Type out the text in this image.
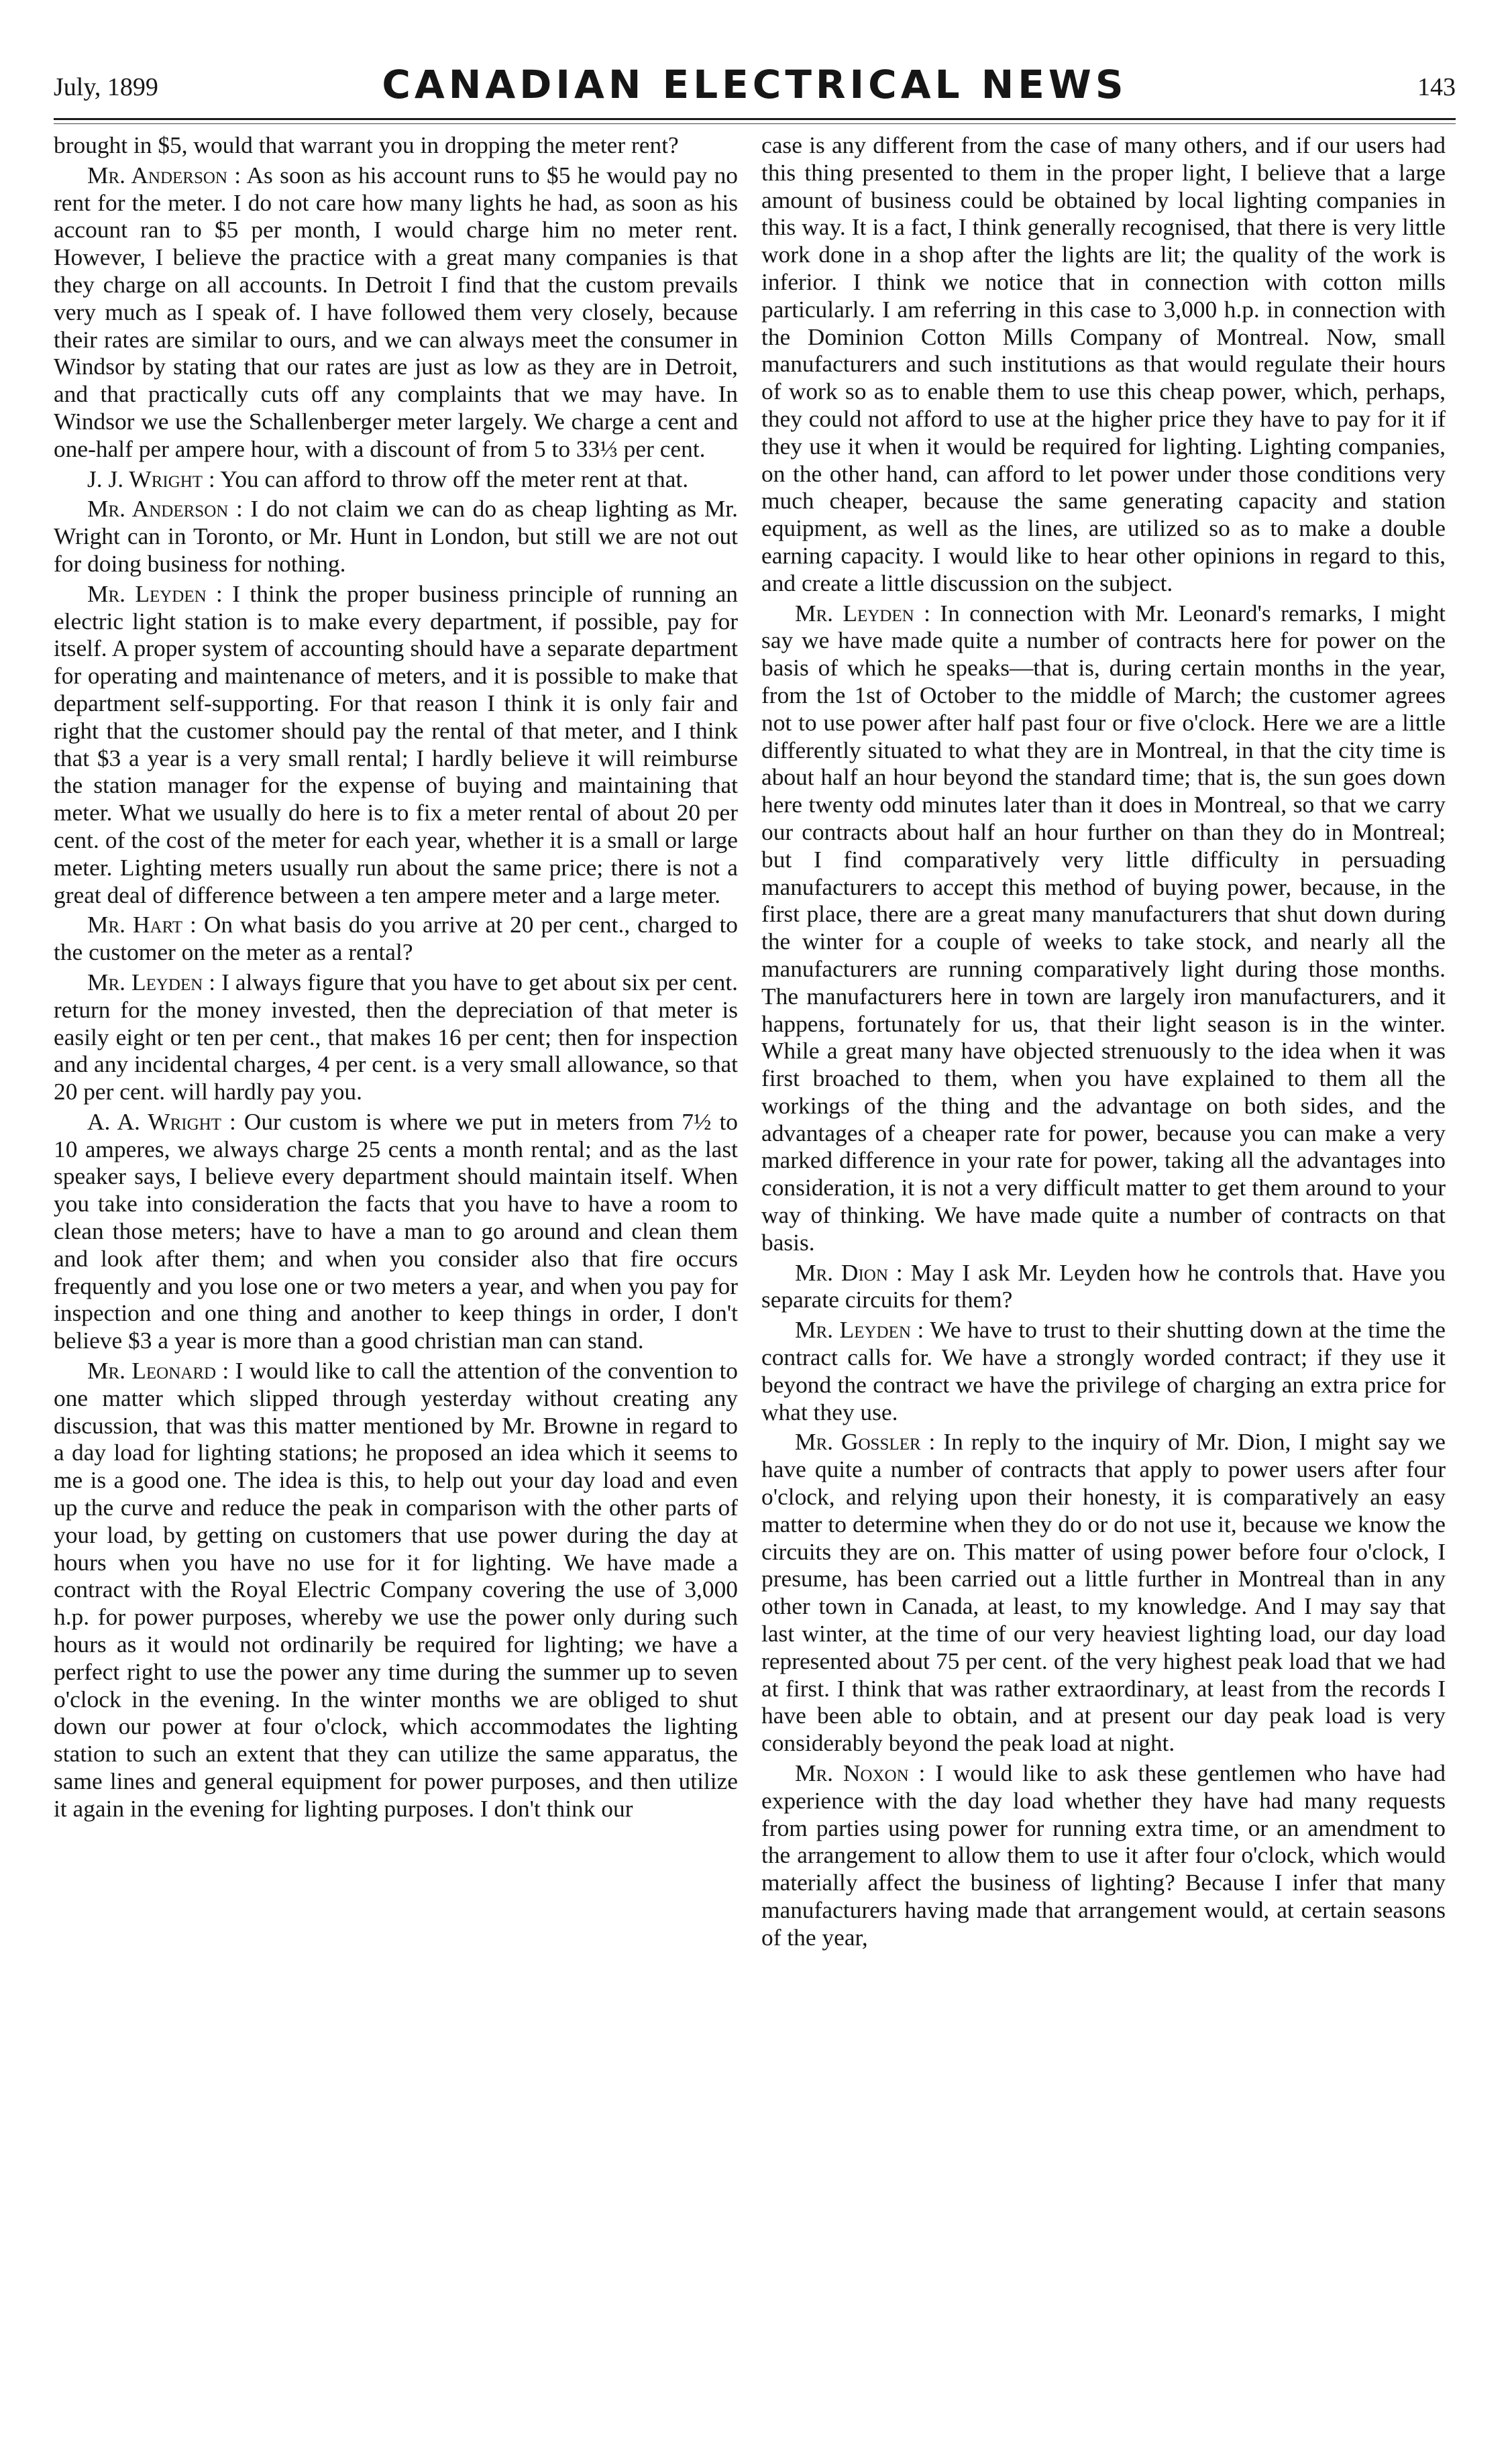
July, 1899	CANADIAN ELECTRICAL NEWS	143

brought in $5, would that warrant you in dropping the meter rent?

Mr. Anderson : As soon as his account runs to $5 he would pay no rent for the meter. I do not care how many lights he had, as soon as his account ran to $5 per month, I would charge him no meter rent. However, I believe the practice with a great many companies is that they charge on all accounts. In Detroit I find that the custom prevails very much as I speak of. I have followed them very closely, because their rates are similar to ours, and we can always meet the consumer in Windsor by stating that our rates are just as low as they are in Detroit, and that practically cuts off any complaints that we may have. In Windsor we use the Schallenberger meter largely. We charge a cent and one-half per ampere hour, with a discount of from 5 to 33⅓ per cent.

J. J. Wright : You can afford to throw off the meter rent at that.

Mr. Anderson : I do not claim we can do as cheap lighting as Mr. Wright can in Toronto, or Mr. Hunt in London, but still we are not out for doing business for nothing.

Mr. Leyden : I think the proper business principle of running an electric light station is to make every department, if possible, pay for itself. A proper system of accounting should have a separate department for operating and maintenance of meters, and it is possible to make that department self-supporting. For that reason I think it is only fair and right that the customer should pay the rental of that meter, and I think that $3 a year is a very small rental; I hardly believe it will reimburse the station manager for the expense of buying and maintaining that meter. What we usually do here is to fix a meter rental of about 20 per cent. of the cost of the meter for each year, whether it is a small or large meter. Lighting meters usually run about the same price; there is not a great deal of difference between a ten ampere meter and a large meter.

Mr. Hart : On what basis do you arrive at 20 per cent., charged to the customer on the meter as a rental?

Mr. Leyden : I always figure that you have to get about six per cent. return for the money invested, then the depreciation of that meter is easily eight or ten per cent., that makes 16 per cent; then for inspection and any incidental charges, 4 per cent. is a very small allowance, so that 20 per cent. will hardly pay you.

A. A. Wright : Our custom is where we put in meters from 7½ to 10 amperes, we always charge 25 cents a month rental; and as the last speaker says, I believe every department should maintain itself. When you take into consideration the facts that you have to have a room to clean those meters; have to have a man to go around and clean them and look after them; and when you consider also that fire occurs frequently and you lose one or two meters a year, and when you pay for inspection and one thing and another to keep things in order, I don't believe $3 a year is more than a good christian man can stand.

Mr. Leonard : I would like to call the attention of the convention to one matter which slipped through yesterday without creating any discussion, that was this matter mentioned by Mr. Browne in regard to a day load for lighting stations; he proposed an idea which it seems to me is a good one. The idea is this, to help out your day load and even up the curve and reduce the peak in comparison with the other parts of your load, by getting on customers that use power during the day at hours when you have no use for it for lighting. We have made a contract with the Royal Electric Company covering the use of 3,000 h.p. for power purposes, whereby we use the power only during such hours as it would not ordinarily be required for lighting; we have a perfect right to use the power any time during the summer up to seven o'clock in the evening. In the winter months we are obliged to shut down our power at four o'clock, which accommodates the lighting station to such an extent that they can utilize the same apparatus, the same lines and general equipment for power purposes, and then utilize it again in the evening for lighting purposes. I don't think our

case is any different from the case of many others, and if our users had this thing presented to them in the proper light, I believe that a large amount of business could be obtained by local lighting companies in this way. It is a fact, I think generally recognised, that there is very little work done in a shop after the lights are lit; the quality of the work is inferior. I think we notice that in connection with cotton mills particularly. I am referring in this case to 3,000 h.p. in connection with the Dominion Cotton Mills Company of Montreal. Now, small manufacturers and such institutions as that would regulate their hours of work so as to enable them to use this cheap power, which, perhaps, they could not afford to use at the higher price they have to pay for it if they use it when it would be required for lighting. Lighting companies, on the other hand, can afford to let power under those conditions very much cheaper, because the same generating capacity and station equipment, as well as the lines, are utilized so as to make a double earning capacity. I would like to hear other opinions in regard to this, and create a little discussion on the subject.

Mr. Leyden : In connection with Mr. Leonard's remarks, I might say we have made quite a number of contracts here for power on the basis of which he speaks—that is, during certain months in the year, from the 1st of October to the middle of March; the customer agrees not to use power after half past four or five o'clock. Here we are a little differently situated to what they are in Montreal, in that the city time is about half an hour beyond the standard time; that is, the sun goes down here twenty odd minutes later than it does in Montreal, so that we carry our contracts about half an hour further on than they do in Montreal; but I find comparatively very little difficulty in persuading manufacturers to accept this method of buying power, because, in the first place, there are a great many manufacturers that shut down during the winter for a couple of weeks to take stock, and nearly all the manufacturers are running comparatively light during those months. The manufacturers here in town are largely iron manufacturers, and it happens, fortunately for us, that their light season is in the winter. While a great many have objected strenuously to the idea when it was first broached to them, when you have explained to them all the workings of the thing and the advantage on both sides, and the advantages of a cheaper rate for power, because you can make a very marked difference in your rate for power, taking all the advantages into consideration, it is not a very difficult matter to get them around to your way of thinking. We have made quite a number of contracts on that basis.

Mr. Dion : May I ask Mr. Leyden how he controls that. Have you separate circuits for them?

Mr. Leyden : We have to trust to their shutting down at the time the contract calls for. We have a strongly worded contract; if they use it beyond the contract we have the privilege of charging an extra price for what they use.

Mr. Gossler : In reply to the inquiry of Mr. Dion, I might say we have quite a number of contracts that apply to power users after four o'clock, and relying upon their honesty, it is comparatively an easy matter to determine when they do or do not use it, because we know the circuits they are on. This matter of using power before four o'clock, I presume, has been carried out a little further in Montreal than in any other town in Canada, at least, to my knowledge. And I may say that last winter, at the time of our very heaviest lighting load, our day load represented about 75 per cent. of the very highest peak load that we had at first. I think that was rather extraordinary, at least from the records I have been able to obtain, and at present our day peak load is very considerably beyond the peak load at night.

Mr. Noxon : I would like to ask these gentlemen who have had experience with the day load whether they have had many requests from parties using power for running extra time, or an amendment to the arrangement to allow them to use it after four o'clock, which would materially affect the business of lighting? Because I infer that many manufacturers having made that arrangement would, at certain seasons of the year,
